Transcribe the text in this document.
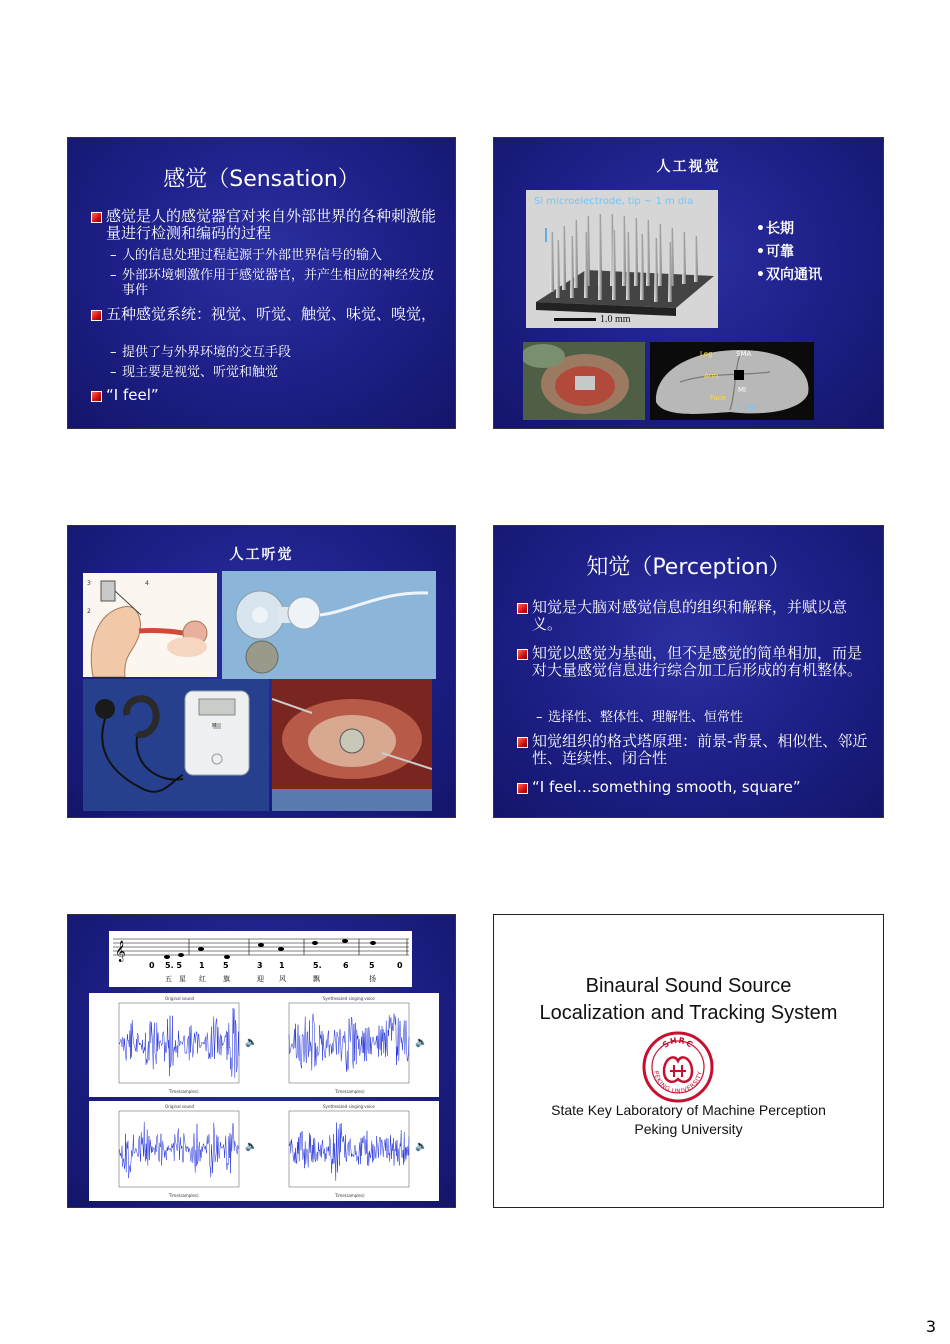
感觉（Sensation）
感觉是人的感觉器官对来自外部世界的各种刺激能量进行检测和编码的过程
– 人的信息处理过程起源于外部世界信号的输入
– 外部环境刺激作用于感觉器官，并产生相应的神经发放事件
五种感觉系统：视觉、听觉、触觉、味觉、嗅觉，
– 提供了与外界环境的交互手段
– 现主要是视觉、听觉和触觉
“I feel”
人工视觉
Si microelectrode, tip ~ 1 m dia
1.0 mm
•长期
•可靠
•双向通讯
Leg	SMA
Arm
MI
Face
5 mm
人工听觉
3
2
4
M
知觉（Perception）
知觉是大脑对感觉信息的组织和解释，并赋以意义。
知觉以感觉为基础，但不是感觉的简单相加，而是对大量感觉信息进行综合加工后形成的有机整体。
– 选择性、整体性、理解性、恒常性
知觉组织的格式塔原理：前景-背景、相似性、邻近性、连续性、闭合性
“I feel…something smooth, square”
𝄞
0 5. 5 1 5	3 1	5.	6	5	0
五 星 红 旗	迎 风	飘	扬
Original sound	Synthesized singing voice
Time(samples)	Time(samples)
🔈	🔈
Original sound	Synthesized singing voice
Time(samples)	Time(samples)
🔈	🔈
Binaural Sound Source
Localization and Tracking System
SHRC
PEKING UNIVERSITY
State Key Laboratory of Machine Perception
Peking University
3
